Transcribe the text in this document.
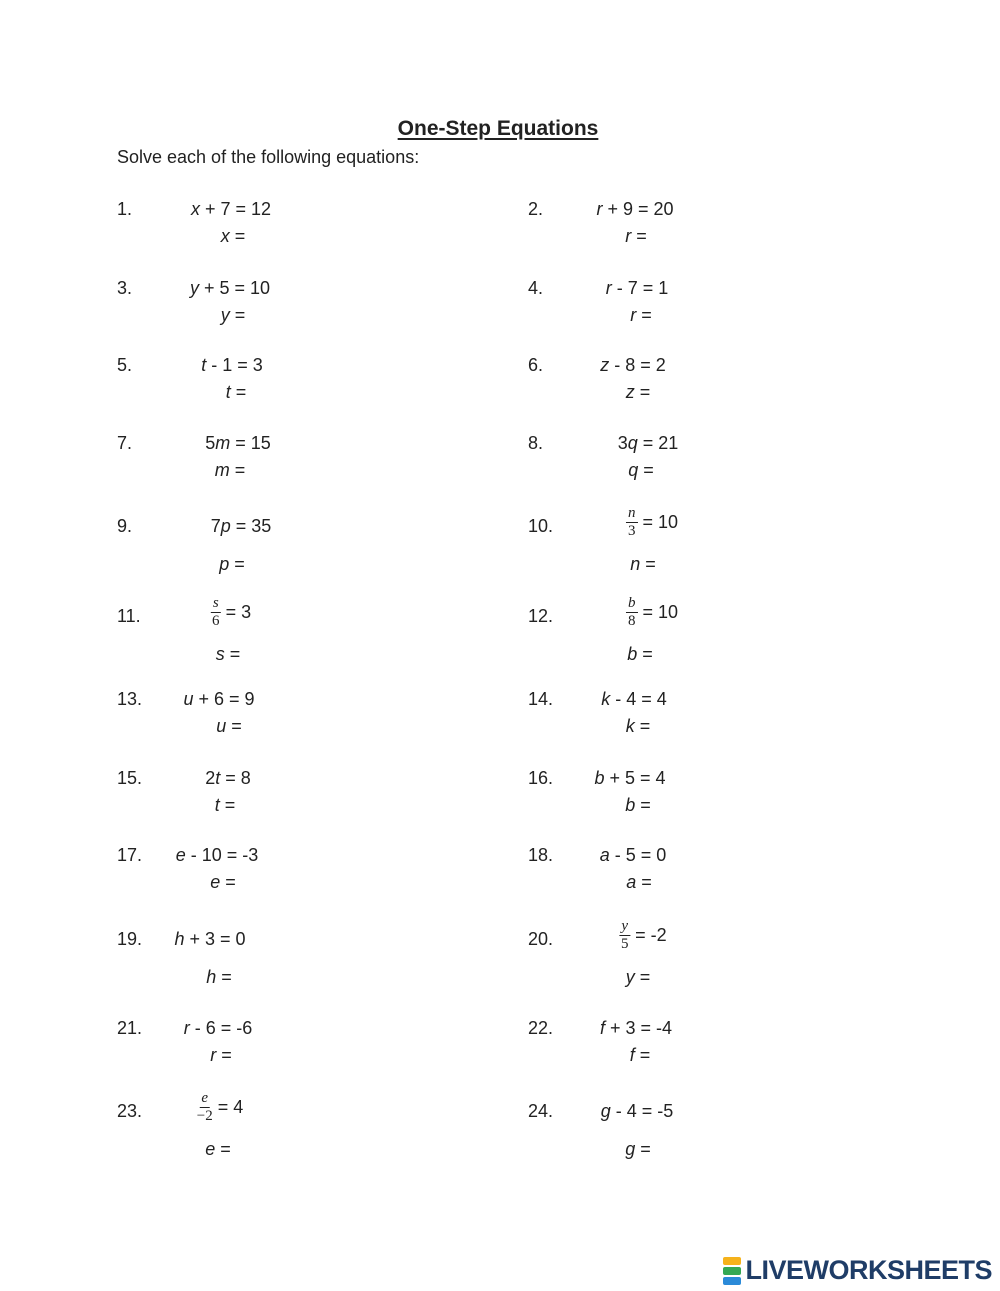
One-Step Equations
Solve each of the following equations:
1.	x + 7 = 12
x =
2.	r + 9 = 20
r =
3.	y + 5 = 10
y =
4.	r - 7 = 1
r =
5.	t - 1 = 3
t =
6.	z - 8 = 2
z =
7.	5m = 15
m =
8.	3q = 21
q =
9.	7p = 35
p =
10.	$\frac{n}{3} = 10$
n =
11.	$\frac{s}{6} = 3$
s =
12.	$\frac{b}{8} = 10$
b =
13. u + 6 = 9
u =
14.	k - 4 = 4
k =
15.	2t = 8
t =
16. b + 5 = 4
b =
17. e - 10 = -3
e =
18.	a - 5 = 0
a =
19. h + 3 = 0
h =
20.	$\frac{y}{5} = -2$
y =
21. r - 6 = -6
r =
22.	f + 3 = -4
f =
23.	$\frac{e}{-2} = 4$
e =
24.	g - 4 = -5
g =
LIVEWORKSHEETS
